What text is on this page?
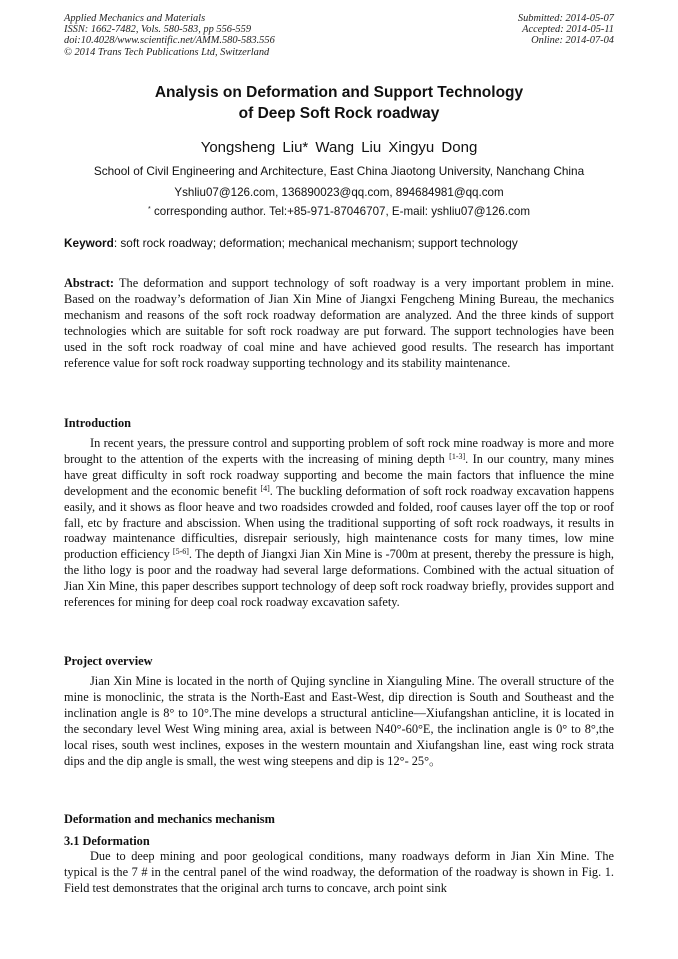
Applied Mechanics and Materials
ISSN: 1662-7482, Vols. 580-583, pp 556-559
doi:10.4028/www.scientific.net/AMM.580-583.556
© 2014 Trans Tech Publications Ltd, Switzerland
Submitted: 2014-05-07
Accepted: 2014-05-11
Online: 2014-07-04
Analysis on Deformation and Support Technology
of Deep Soft Rock roadway
Yongsheng Liu* Wang Liu Xingyu Dong
School of Civil Engineering and Architecture, East China Jiaotong University, Nanchang China
Yshliu07@126.com, 136890023@qq.com, 894684981@qq.com
* corresponding author. Tel:+85-971-87046707, E-mail: yshliu07@126.com
Keyword: soft rock roadway; deformation; mechanical mechanism; support technology
Abstract: The deformation and support technology of soft roadway is a very important problem in mine. Based on the roadway’s deformation of Jian Xin Mine of Jiangxi Fengcheng Mining Bureau, the mechanics mechanism and reasons of the soft rock roadway deformation are analyzed. And the three kinds of support technologies which are suitable for soft rock roadway are put forward. The support technologies have been used in the soft rock roadway of coal mine and have achieved good results. The research has important reference value for soft rock roadway supporting technology and its stability maintenance.
Introduction
In recent years, the pressure control and supporting problem of soft rock mine roadway is more and more brought to the attention of the experts with the increasing of mining depth [1-3]. In our country, many mines have great difficulty in soft rock roadway supporting and become the main factors that influence the mine development and the economic benefit [4]. The buckling deformation of soft rock roadway excavation happens easily, and it shows as floor heave and two roadsides crowded and folded, roof causes layer off the top or roof fall, etc by fracture and abscission. When using the traditional supporting of soft rock roadways, it results in roadway maintenance difficulties, disrepair seriously, high maintenance costs for many times, low mine production efficiency [5-6]. The depth of Jiangxi Jian Xin Mine is -700m at present, thereby the pressure is high, the litho logy is poor and the roadway had several large deformations. Combined with the actual situation of Jian Xin Mine, this paper describes support technology of deep soft rock roadway briefly, provides support and references for mining for deep coal rock roadway excavation safety.
Project overview
Jian Xin Mine is located in the north of Qujing syncline in Xianguling Mine. The overall structure of the mine is monoclinic, the strata is the North-East and East-West, dip direction is South and Southeast and the inclination angle is 8° to 10°.The mine develops a structural anticline—Xiufangshan anticline, it is located in the secondary level West Wing mining area, axial is between N40°-60°E, the inclination angle is 0° to 8°,the local rises, south west inclines, exposes in the western mountain and Xiufangshan line, east wing rock strata dips and the dip angle is small, the west wing steepens and dip is 12°- 25°。
Deformation and mechanics mechanism
3.1 Deformation
Due to deep mining and poor geological conditions, many roadways deform in Jian Xin Mine. The typical is the 7 # in the central panel of the wind roadway, the deformation of the roadway is shown in Fig. 1. Field test demonstrates that the original arch turns to concave, arch point sink
